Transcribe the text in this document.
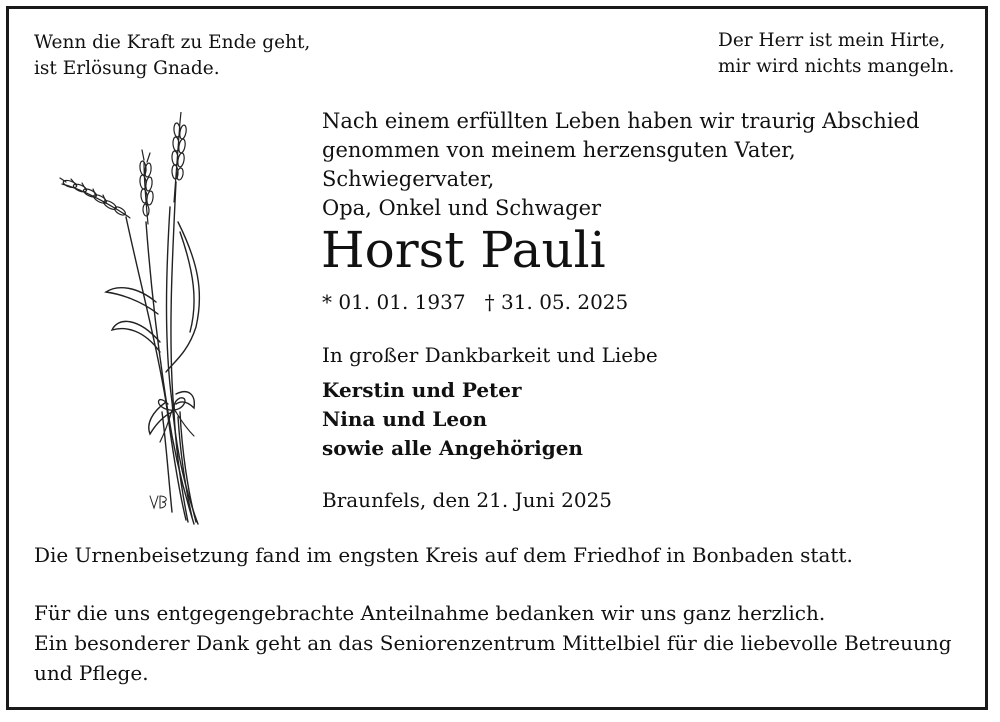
Wenn die Kraft zu Ende geht,
ist Erlösung Gnade.
Der Herr ist mein Hirte,
mir wird nichts mangeln.
Nach einem erfüllten Leben haben wir traurig Abschied
genommen von meinem herzensguten Vater, Schwiegervater,
Opa, Onkel und Schwager
Horst Pauli
* 01. 01. 1937 † 31. 05. 2025
In großer Dankbarkeit und Liebe
Kerstin und Peter
Nina und Leon
sowie alle Angehörigen
Braunfels, den 21. Juni 2025
Die Urnenbeisetzung fand im engsten Kreis auf dem Friedhof in Bonbaden statt.
Für die uns entgegengebrachte Anteilnahme bedanken wir uns ganz herzlich.
Ein besonderer Dank geht an das Seniorenzentrum Mittelbiel für die liebevolle Betreuung
und Pflege.
